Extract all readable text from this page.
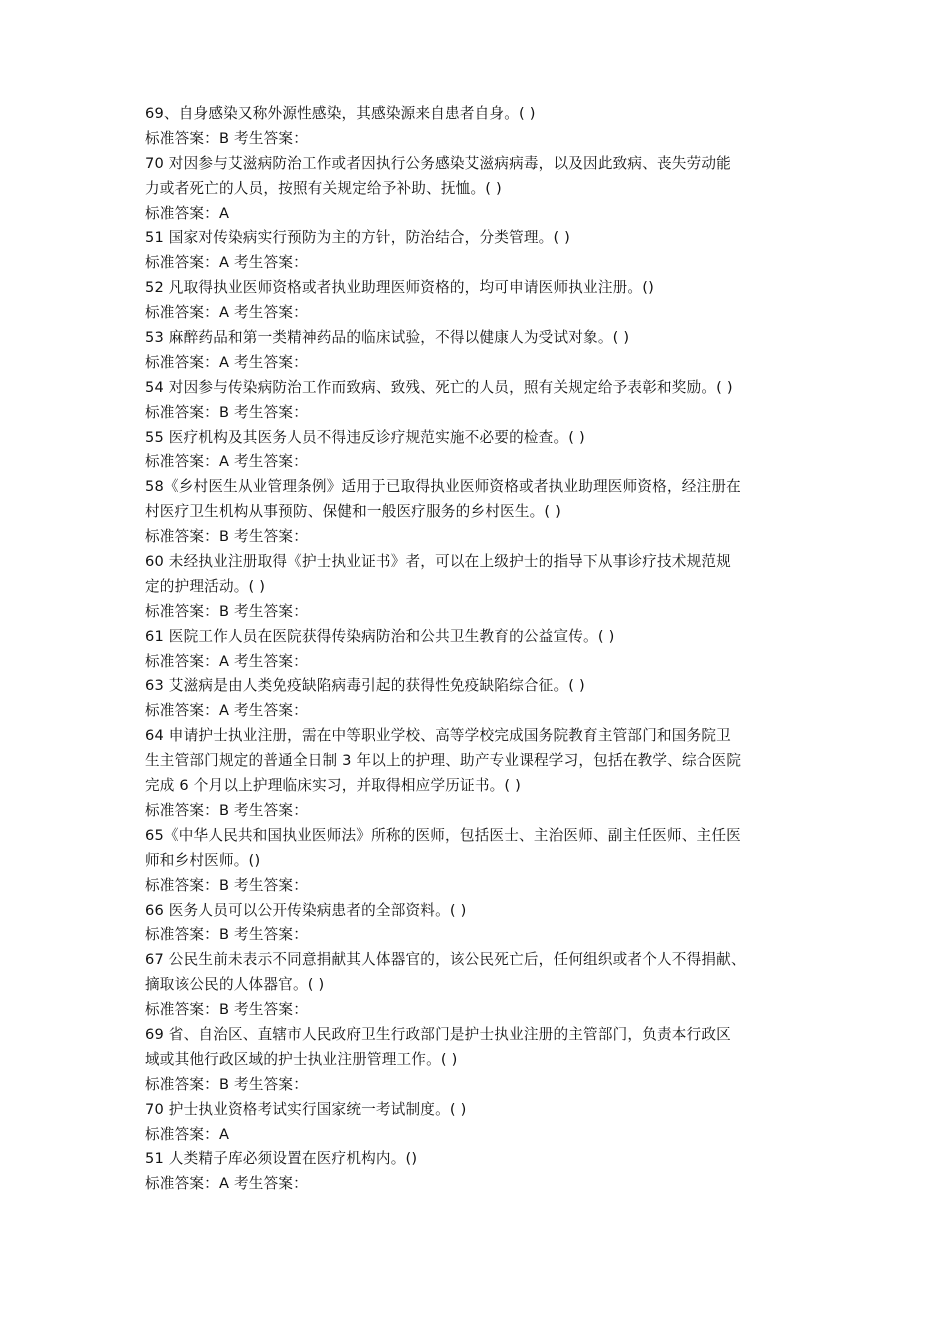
69、自身感染又称外源性感染，其感染源来自患者自身。( )
标准答案：B 考生答案：
70 对因参与艾滋病防治工作或者因执行公务感染艾滋病病毒，以及因此致病、丧失劳动能
力或者死亡的人员，按照有关规定给予补助、抚恤。( )
标准答案：A
51 国家对传染病实行预防为主的方针，防治结合，分类管理。( )
标准答案：A 考生答案：
52 凡取得执业医师资格或者执业助理医师资格的，均可申请医师执业注册。()
标准答案：A 考生答案：
53 麻醉药品和第一类精神药品的临床试验，不得以健康人为受试对象。( )
标准答案：A 考生答案：
54 对因参与传染病防治工作而致病、致残、死亡的人员，照有关规定给予表彰和奖励。( )
标准答案：B 考生答案：
55 医疗机构及其医务人员不得违反诊疗规范实施不必要的检查。( )
标准答案：A 考生答案：
58《乡村医生从业管理条例》适用于已取得执业医师资格或者执业助理医师资格，经注册在
村医疗卫生机构从事预防、保健和一般医疗服务的乡村医生。( )
标准答案：B 考生答案：
60 未经执业注册取得《护士执业证书》者，可以在上级护士的指导下从事诊疗技术规范规
定的护理活动。( )
标准答案：B 考生答案：
61 医院工作人员在医院获得传染病防治和公共卫生教育的公益宣传。( )
标准答案：A 考生答案：
63 艾滋病是由人类免疫缺陷病毒引起的获得性免疫缺陷综合征。( )
标准答案：A 考生答案：
64 申请护士执业注册，需在中等职业学校、高等学校完成国务院教育主管部门和国务院卫
生主管部门规定的普通全日制 3 年以上的护理、助产专业课程学习，包括在教学、综合医院
完成 6 个月以上护理临床实习，并取得相应学历证书。( )
标准答案：B 考生答案：
65《中华人民共和国执业医师法》所称的医师，包括医士、主治医师、副主任医师、主任医
师和乡村医师。()
标准答案：B 考生答案：
66 医务人员可以公开传染病患者的全部资料。( )
标准答案：B 考生答案：
67 公民生前未表示不同意捐献其人体器官的，该公民死亡后，任何组织或者个人不得捐献、
摘取该公民的人体器官。( )
标准答案：B 考生答案：
69 省、自治区、直辖市人民政府卫生行政部门是护士执业注册的主管部门，负责本行政区
域或其他行政区域的护士执业注册管理工作。( )
标准答案：B 考生答案：
70 护士执业资格考试实行国家统一考试制度。( )
标准答案：A
51 人类精子库必须设置在医疗机构内。()
标准答案：A 考生答案：
